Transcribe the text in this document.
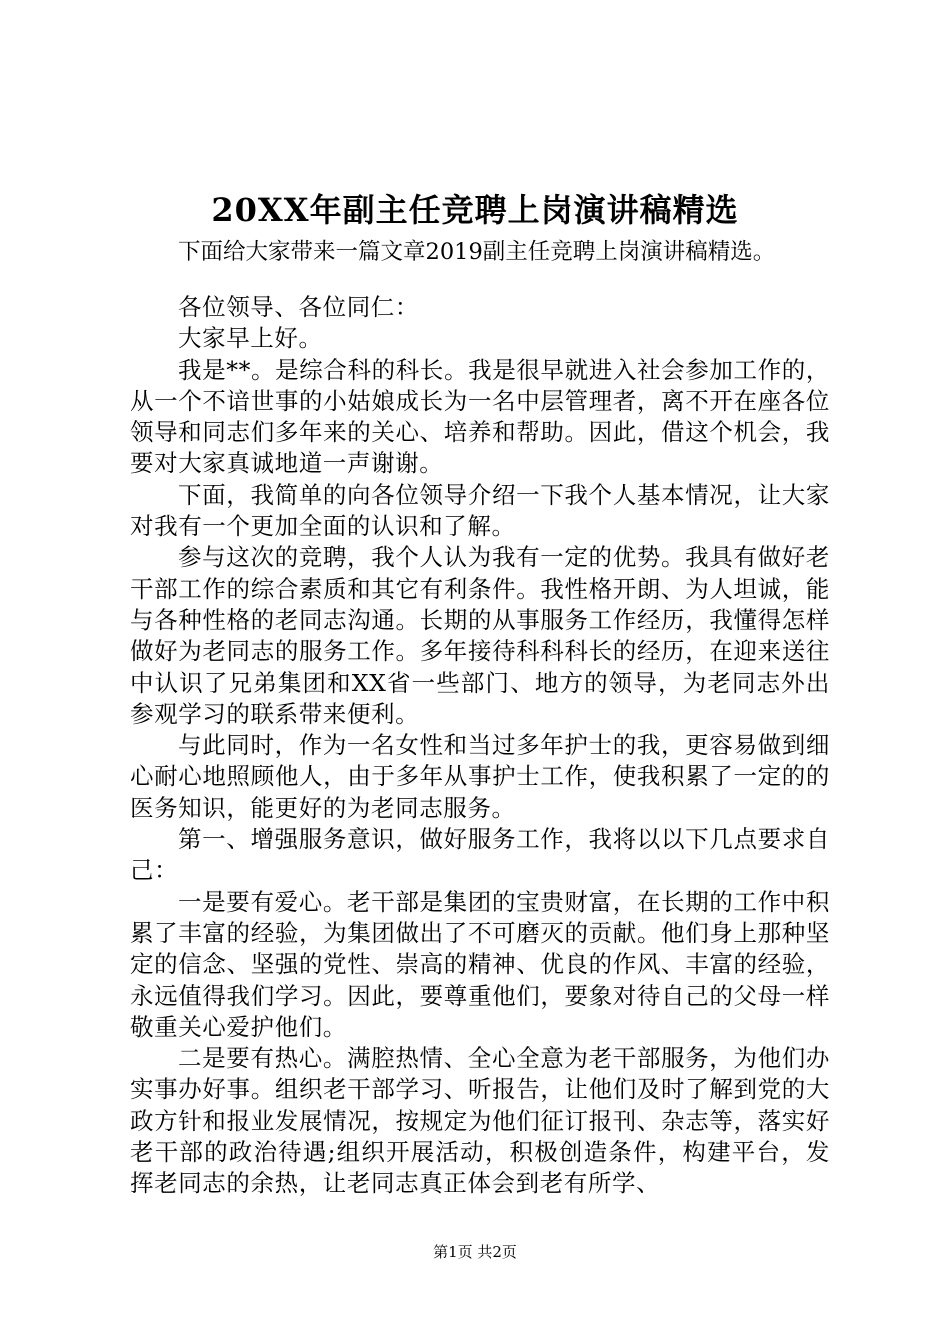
20XX年副主任竞聘上岗演讲稿精选

下面给大家带来一篇文章2019副主任竞聘上岗演讲稿精选。

各位领导、各位同仁：

大家早上好。

我是**。是综合科的科长。我是很早就进入社会参加工作的，从一个不谙世事的小姑娘成长为一名中层管理者，离不开在座各位领导和同志们多年来的关心、培养和帮助。因此，借这个机会，我要对大家真诚地道一声谢谢。

下面，我简单的向各位领导介绍一下我个人基本情况，让大家对我有一个更加全面的认识和了解。

参与这次的竞聘，我个人认为我有一定的优势。我具有做好老干部工作的综合素质和其它有利条件。我性格开朗、为人坦诚，能与各种性格的老同志沟通。长期的从事服务工作经历，我懂得怎样做好为老同志的服务工作。多年接待科科科长的经历，在迎来送往中认识了兄弟集团和XX省一些部门、地方的领导，为老同志外出参观学习的联系带来便利。

与此同时，作为一名女性和当过多年护士的我，更容易做到细心耐心地照顾他人，由于多年从事护士工作，使我积累了一定的的医务知识，能更好的为老同志服务。

第一、增强服务意识，做好服务工作，我将以以下几点要求自己：

一是要有爱心。老干部是集团的宝贵财富，在长期的工作中积累了丰富的经验，为集团做出了不可磨灭的贡献。他们身上那种坚定的信念、坚强的党性、崇高的精神、优良的作风、丰富的经验，永远值得我们学习。因此，要尊重他们，要象对待自己的父母一样敬重关心爱护他们。

二是要有热心。满腔热情、全心全意为老干部服务，为他们办实事办好事。组织老干部学习、听报告，让他们及时了解到党的大政方针和报业发展情况，按规定为他们征订报刊、杂志等，落实好老干部的政治待遇;组织开展活动，积极创造条件，构建平台，发挥老同志的余热，让老同志真正体会到老有所学、

第1页 共2页
